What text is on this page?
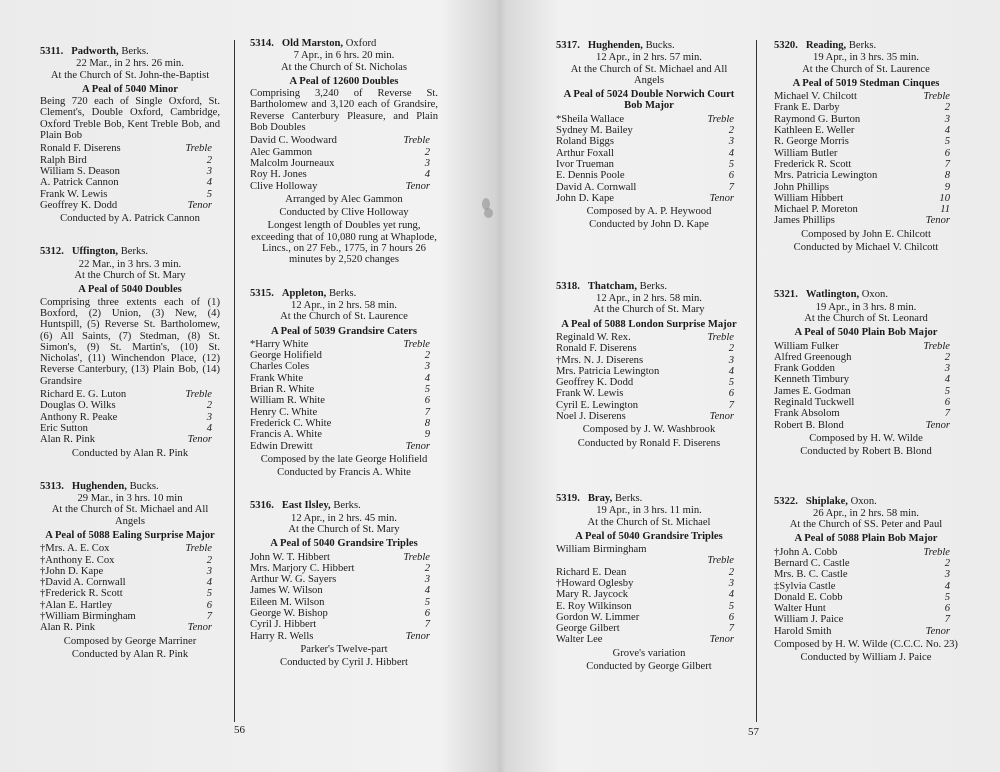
5311. Padworth,
Berks.
22 Mar., in 2 hrs. 26 min.
At the Church of St. John-the-Baptist
A Peal of 5040 Minor
Being 720 each of Single Oxford, St. Clement's, Double Oxford, Cambridge, Oxford Treble Bob, Kent Treble Bob, and Plain Bob
Ronald F. Diserens	Treble
Ralph Bird	2
William S. Deason	3
A. Patrick Cannon	4
Frank W. Lewis	5
Geoffrey K. Dodd	Tenor
Conducted by A. Patrick Cannon
5312. Uffington,
Berks.
22 Mar., in 3 hrs. 3 min.
At the Church of St. Mary
A Peal of 5040 Doubles
Comprising three extents each of (1) Boxford, (2) Union, (3) New, (4) Huntspill, (5) Reverse St. Bartholomew, (6) All Saints, (7) Stedman, (8) St. Simon's, (9) St. Martin's, (10) St. Nicholas', (11) Winchendon Place, (12) Reverse Canterbury, (13) Plain Bob, (14) Grandsire
Richard E. G. Luton	Treble
Douglas O. Wilks	2
Anthony R. Peake	3
Eric Sutton	4
Alan R. Pink	Tenor
Conducted by Alan R. Pink
5313. Hughenden,
Bucks.
29 Mar., in 3 hrs. 10 min
At the Church of St. Michael and All Angels
A Peal of 5088 Ealing Surprise Major
†Mrs. A. E. Cox	Treble
†Anthony E. Cox	2
†John D. Kape	3
†David A. Cornwall	4
†Frederick R. Scott	5
†Alan E. Hartley	6
†William Birmingham	7
Alan R. Pink	Tenor
Composed by George Marriner
Conducted by Alan R. Pink
5314. Old Marston,
Oxford
7 Apr., in 6 hrs. 20 min.
At the Church of St. Nicholas
A Peal of 12600 Doubles
Comprising 3,240 of Reverse St. Bartholomew and 3,120 each of Grandsire, Reverse Canterbury Pleasure, and Plain Bob Doubles
David C. Woodward	Treble
Alec Gammon	2
Malcolm Journeaux	3
Roy H. Jones	4
Clive Holloway	Tenor
Arranged by Alec Gammon
Conducted by Clive Holloway
Longest length of Doubles yet rung, exceeding that of 10,080 rung at Whaplode, Lincs., on 27 Feb., 1775, in 7 hours 26 minutes by 2,520 changes
5315. Appleton,
Berks.
12 Apr., in 2 hrs. 58 min.
At the Church of St. Laurence
A Peal of 5039 Grandsire Caters
*Harry White	Treble
George Holifield	2
Charles Coles	3
Frank White	4
Brian R. White	5
William R. White	6
Henry C. White	7
Frederick C. White	8
Francis A. White	9
Edwin Drewitt	Tenor
Composed by the late George Holifield
Conducted by Francis A. White
5316. East Ilsley,
Berks.
12 Apr., in 2 hrs. 45 min.
At the Church of St. Mary
A Peal of 5040 Grandsire Triples
John W. T. Hibbert	Treble
Mrs. Marjory C. Hibbert	2
Arthur W. G. Sayers	3
James W. Wilson	4
Eileen M. Wilson	5
George W. Bishop	6
Cyril J. Hibbert	7
Harry R. Wells	Tenor
Parker's Twelve-part
Conducted by Cyril J. Hibbert
5317. Hughenden,
Bucks.
12 Apr., in 2 hrs. 57 min.
At the Church of St. Michael and All Angels
A Peal of 5024 Double Norwich Court Bob Major
*Sheila Wallace	Treble
Sydney M. Bailey	2
Roland Biggs	3
Arthur Foxall	4
Ivor Trueman	5
E. Dennis Poole	6
David A. Cornwall	7
John D. Kape	Tenor
Composed by A. P. Heywood
Conducted by John D. Kape
5318. Thatcham,
Berks.
12 Apr., in 2 hrs. 58 min.
At the Church of St. Mary
A Peal of 5088 London Surprise Major
Reginald W. Rex.	Treble
Ronald F. Diserens	2
†Mrs. N. J. Diserens	3
Mrs. Patricia Lewington	4
Geoffrey K. Dodd	5
Frank W. Lewis	6
Cyril E. Lewington	7
Noel J. Diserens	Tenor
Composed by J. W. Washbrook
Conducted by Ronald F. Diserens
5319. Bray,
Berks.
19 Apr., in 3 hrs. 11 min.
At the Church of St. Michael
A Peal of 5040 Grandsire Triples
William Birmingham
Treble
Richard E. Dean	2
†Howard Oglesby	3
Mary R. Jaycock	4
E. Roy Wilkinson	5
Gordon W. Limmer	6
George Gilbert	7
Walter Lee	Tenor
Grove's variation
Conducted by George Gilbert
5320. Reading,
Berks.
19 Apr., in 3 hrs. 35 min.
At the Church of St. Laurence
A Peal of 5019 Stedman Cinques
Michael V. Chilcott	Treble
Frank E. Darby	2
Raymond G. Burton	3
Kathleen E. Weller	4
R. George Morris	5
William Butler	6
Frederick R. Scott	7
Mrs. Patricia Lewington	8
John Phillips	9
William Hibbert	10
Michael P. Moreton	11
James Phillips	Tenor
Composed by John E. Chilcott
Conducted by Michael V. Chilcott
5321. Watlington,
Oxon.
19 Apr., in 3 hrs. 8 min.
At the Church of St. Leonard
A Peal of 5040 Plain Bob Major
William Fulker	Treble
Alfred Greenough	2
Frank Godden	3
Kenneth Timbury	4
James E. Godman	5
Reginald Tuckwell	6
Frank Absolom	7
Robert B. Blond	Tenor
Composed by H. W. Wilde
Conducted by Robert B. Blond
5322. Shiplake,
Oxon.
26 Apr., in 2 hrs. 58 min.
At the Church of SS. Peter and Paul
A Peal of 5088 Plain Bob Major
†John A. Cobb	Treble
Bernard C. Castle	2
Mrs. B. C. Castle	3
‡Sylvia Castle	4
Donald E. Cobb	5
Walter Hunt	6
William J. Paice	7
Harold Smith	Tenor
Composed by H. W. Wilde (C.C.C. No. 23)
Conducted by William J. Paice
56	57
